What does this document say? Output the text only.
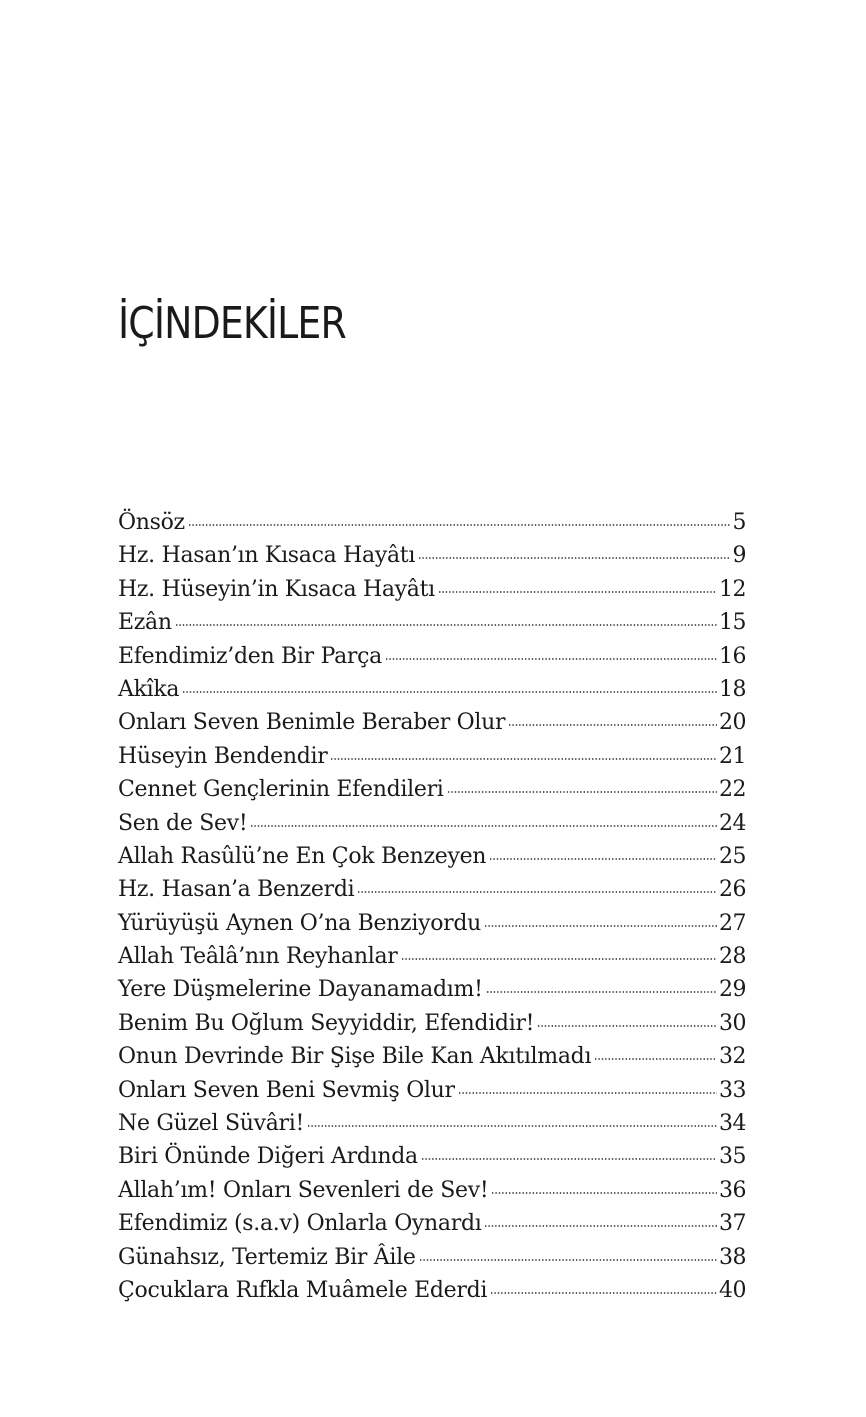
İÇİNDEKİLER
Önsöz	5
Hz. Hasan’ın Kısaca Hayâtı	9
Hz. Hüseyin’in Kısaca Hayâtı	12
Ezân	15
Efendimiz’den Bir Parça	16
Akîka	18
Onları Seven Benimle Beraber Olur	20
Hüseyin Bendendir	21
Cennet Gençlerinin Efendileri	22
Sen de Sev!	24
Allah Rasûlü’ne En Çok Benzeyen	25
Hz. Hasan’a Benzerdi	26
Yürüyüşü Aynen O’na Benziyordu	27
Allah Teâlâ’nın Reyhanlar	28
Yere Düşmelerine Dayanamadım!	29
Benim Bu Oğlum Seyyiddir, Efendidir!	30
Onun Devrinde Bir Şişe Bile Kan Akıtılmadı	32
Onları Seven Beni Sevmiş Olur	33
Ne Güzel Süvâri!	34
Biri Önünde Diğeri Ardında	35
Allah’ım! Onları Sevenleri de Sev!	36
Efendimiz (s.a.v) Onlarla Oynardı	37
Günahsız, Tertemiz Bir Âile	38
Çocuklara Rıfkla Muâmele Ederdi	40
